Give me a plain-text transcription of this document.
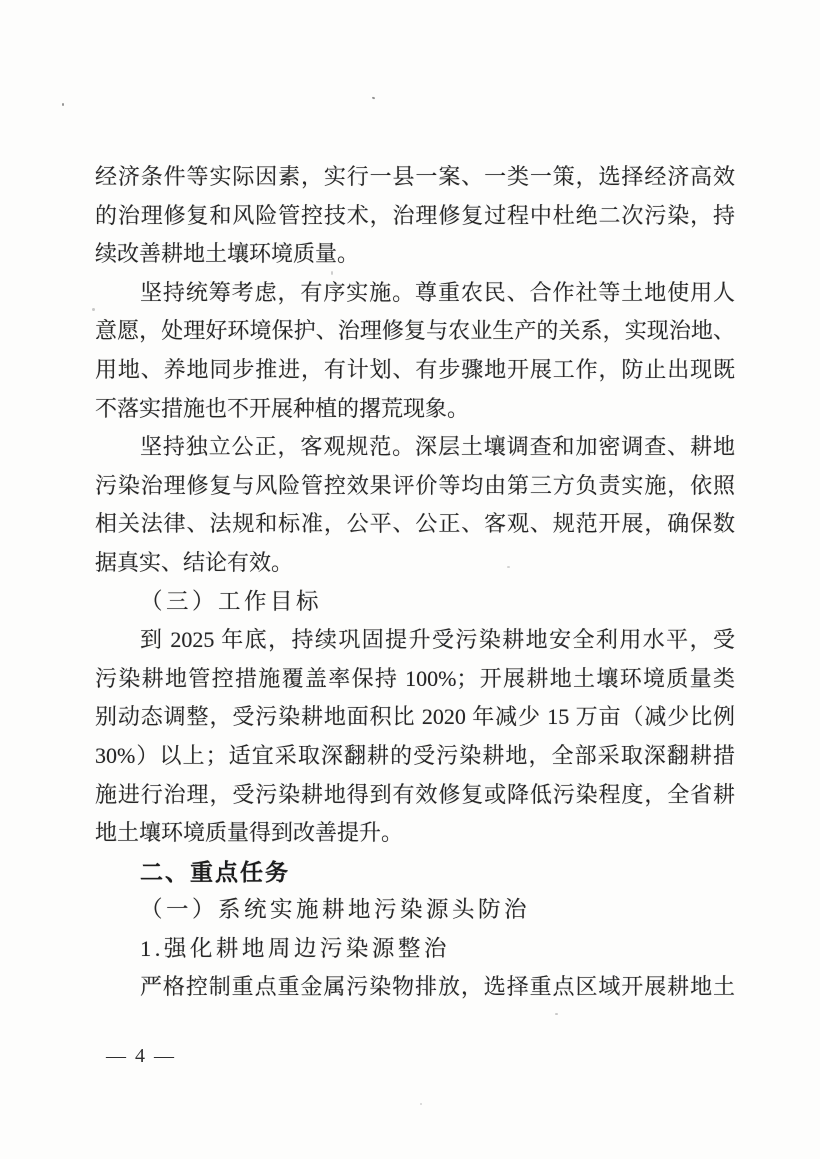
经济条件等实际因素，实行一县一案、一类一策，选择经济高效
的治理修复和风险管控技术，治理修复过程中杜绝二次污染，持
续改善耕地土壤环境质量。
坚持统筹考虑，有序实施。尊重农民、合作社等土地使用人
意愿，处理好环境保护、治理修复与农业生产的关系，实现治地、
用地、养地同步推进，有计划、有步骤地开展工作，防止出现既
不落实措施也不开展种植的撂荒现象。
坚持独立公正，客观规范。深层土壤调查和加密调查、耕地
污染治理修复与风险管控效果评价等均由第三方负责实施，依照
相关法律、法规和标准，公平、公正、客观、规范开展，确保数
据真实、结论有效。
（三）工作目标
到 2025 年底，持续巩固提升受污染耕地安全利用水平，受
污染耕地管控措施覆盖率保持 100%；开展耕地土壤环境质量类
别动态调整，受污染耕地面积比 2020 年减少 15 万亩（减少比例
30%）以上；适宜采取深翻耕的受污染耕地，全部采取深翻耕措
施进行治理，受污染耕地得到有效修复或降低污染程度，全省耕
地土壤环境质量得到改善提升。
二、重点任务
（一）系统实施耕地污染源头防治
1.强化耕地周边污染源整治
严格控制重点重金属污染物排放，选择重点区域开展耕地土
— 4 —
